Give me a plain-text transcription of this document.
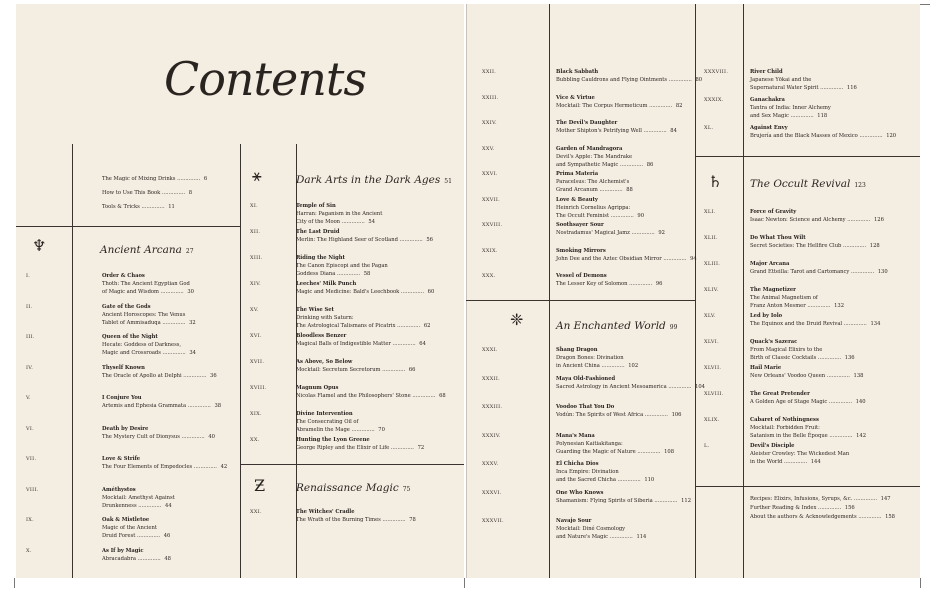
Contents
The Magic of Mixing Drinks .............. 6
How to Use This Book .............. 8
Tools & Tricks .............. 11
♆	Ancient Arcana 27
⚹	Dark Arts in the Dark Ages 51
Ƶ	Renaissance Magic 75
I.	Order & Chaos
Thoth: The Ancient Egyptian God
of Magic and Wisdom .............. 30
II.	Gate of the Gods
Ancient Horoscopes: The Venus
Tablet of Ammisaduqa .............. 32
III.	Queen of the Night
Hecate: Goddess of Darkness,
Magic and Crossroads .............. 34
IV.	Thyself Known
The Oracle of Apollo at Delphi .............. 36
V.	I Conjure You
Artemis and Ephesia Grammata .............. 38
VI.	Death by Desire
The Mystery Cult of Dionysus .............. 40
VII.	Love & Strife
The Four Elements of Empedocles .............. 42
VIII.	Améthystos
Mocktail: Amethyst Against
Drunkenness .............. 44
IX.	Oak & Mistletoe
Magic of the Ancient
Druid Forest .............. 46
X.	As If by Magic
Abracadabra .............. 48
XI.	Temple of Sin
Harran: Paganism in the Ancient
City of the Moon .............. 54
XII.	The Last Druid
Merlin: The Highland Seer of Scotland .............. 56
XIII.	Riding the Night
The Canon Episcopi and the Pagan
Goddess Diana .............. 58
XIV.	Leeches' Milk Punch
Magic and Medicine: Bald's Leechbook .............. 60
XV.	The Wise Set
Drinking with Saturn:
The Astrological Talismans of Picatrix .............. 62
XVI.	Bloodless Benzer
Magical Balls of Indigestible Matter .............. 64
XVII.	As Above, So Below
Mocktail: Secretum Secretorum .............. 66
XVIII.	Magnum Opus
Nicolas Flamel and the Philosophers' Stone .............. 68
XIX.	Divine Intervention
The Consecrating Oil of
Abramelin the Mage .............. 70
XX.	Hunting the Lyon Greene
George Ripley and the Elixir of Life .............. 72
XXI.	The Witches' Cradle
The Wrath of the Burning Times .............. 78
❈	An Enchanted World 99
♄	The Occult Revival 123
XXII.	Black Sabbath
Bubbling Cauldrons and Flying Ointments .............. 80
XXIII.	Vice & Virtue
Mocktail: The Corpus Hermeticum .............. 82
XXIV.	The Devil's Daughter
Mother Shipton's Petrifying Well .............. 84
XXV.	Garden of Mandragora
Devil's Apple: The Mandrake
and Sympathetic Magic .............. 86
XXVI.	Prima Materia
Paracelsus: The Alchemist's
Grand Arcanum .............. 88
XXVII.	Love & Beauty
Heinrich Cornelius Agrippa:
The Occult Feminist .............. 90
XXVIII.	Soothsayer Sour
Nostradamus' Magical Jamz .............. 92
XXIX.	Smoking Mirrors
John Dee and the Aztec Obsidian Mirror .............. 94
XXX.	Vessel of Demons
The Lesser Key of Solomon .............. 96
XXXI.	Shang Dragon
Dragon Bones: Divination
in Ancient China .............. 102
XXXII.	Maya Old-Fashioned
Sacred Astrology in Ancient Mesoamerica .............. 104
XXXIII.	Voodoo That You Do
Vodún: The Spirits of West Africa .............. 106
XXXIV.	Mana's Mana
Polynesian Kaitiakitanga:
Guarding the Magic of Nature .............. 108
XXXV.	El Chicha Dios
Inca Empire: Divination
and the Sacred Chicha .............. 110
XXXVI.	One Who Knows
Shamanism: Flying Spirits of Siberia .............. 112
XXXVII.	Navajo Sour
Mocktail: Diné Cosmology
and Nature's Magic .............. 114
XXXVIII.	River Child
Japanese Yōkai and the
Supernatural Water Spirit .............. 116
XXXIX.	Ganachakra
Tantra of India: Inner Alchemy
and Sex Magic .............. 118
XL.	Against Envy
Brujería and the Black Masses of Mexico .............. 120
XLI.	Force of Gravity
Isaac Newton: Science and Alchemy .............. 126
XLII.	Do What Thou Wilt
Secret Societies: The Hellfire Club .............. 128
XLIII.	Major Arcana
Grand Etteilla: Tarot and Cartomancy .............. 130
XLIV.	The Magnetizer
The Animal Magnetism of
Franz Anton Mesmer .............. 132
XLV.	Led by Iolo
The Equinox and the Druid Revival .............. 134
XLVI.	Quack's Sazerac
From Magical Elixirs to the
Birth of Classic Cocktails .............. 136
XLVII.	Hail Marie
New Orleans' Voodoo Queen .............. 138
XLVIII.	The Great Pretender
A Golden Age of Stage Magic .............. 140
XLIX.	Cabaret of Nothingness
Mocktail: Forbidden Fruit:
Satanism in the Belle Époque .............. 142
L.	Devil's Disciple
Aleister Crowley: The Wickedest Man
in the World .............. 144
Recipes: Elixirs, Infusions, Syrups, &c. .............. 147
Further Reading & Index .............. 156
About the authors & Acknowledgements .............. 158
